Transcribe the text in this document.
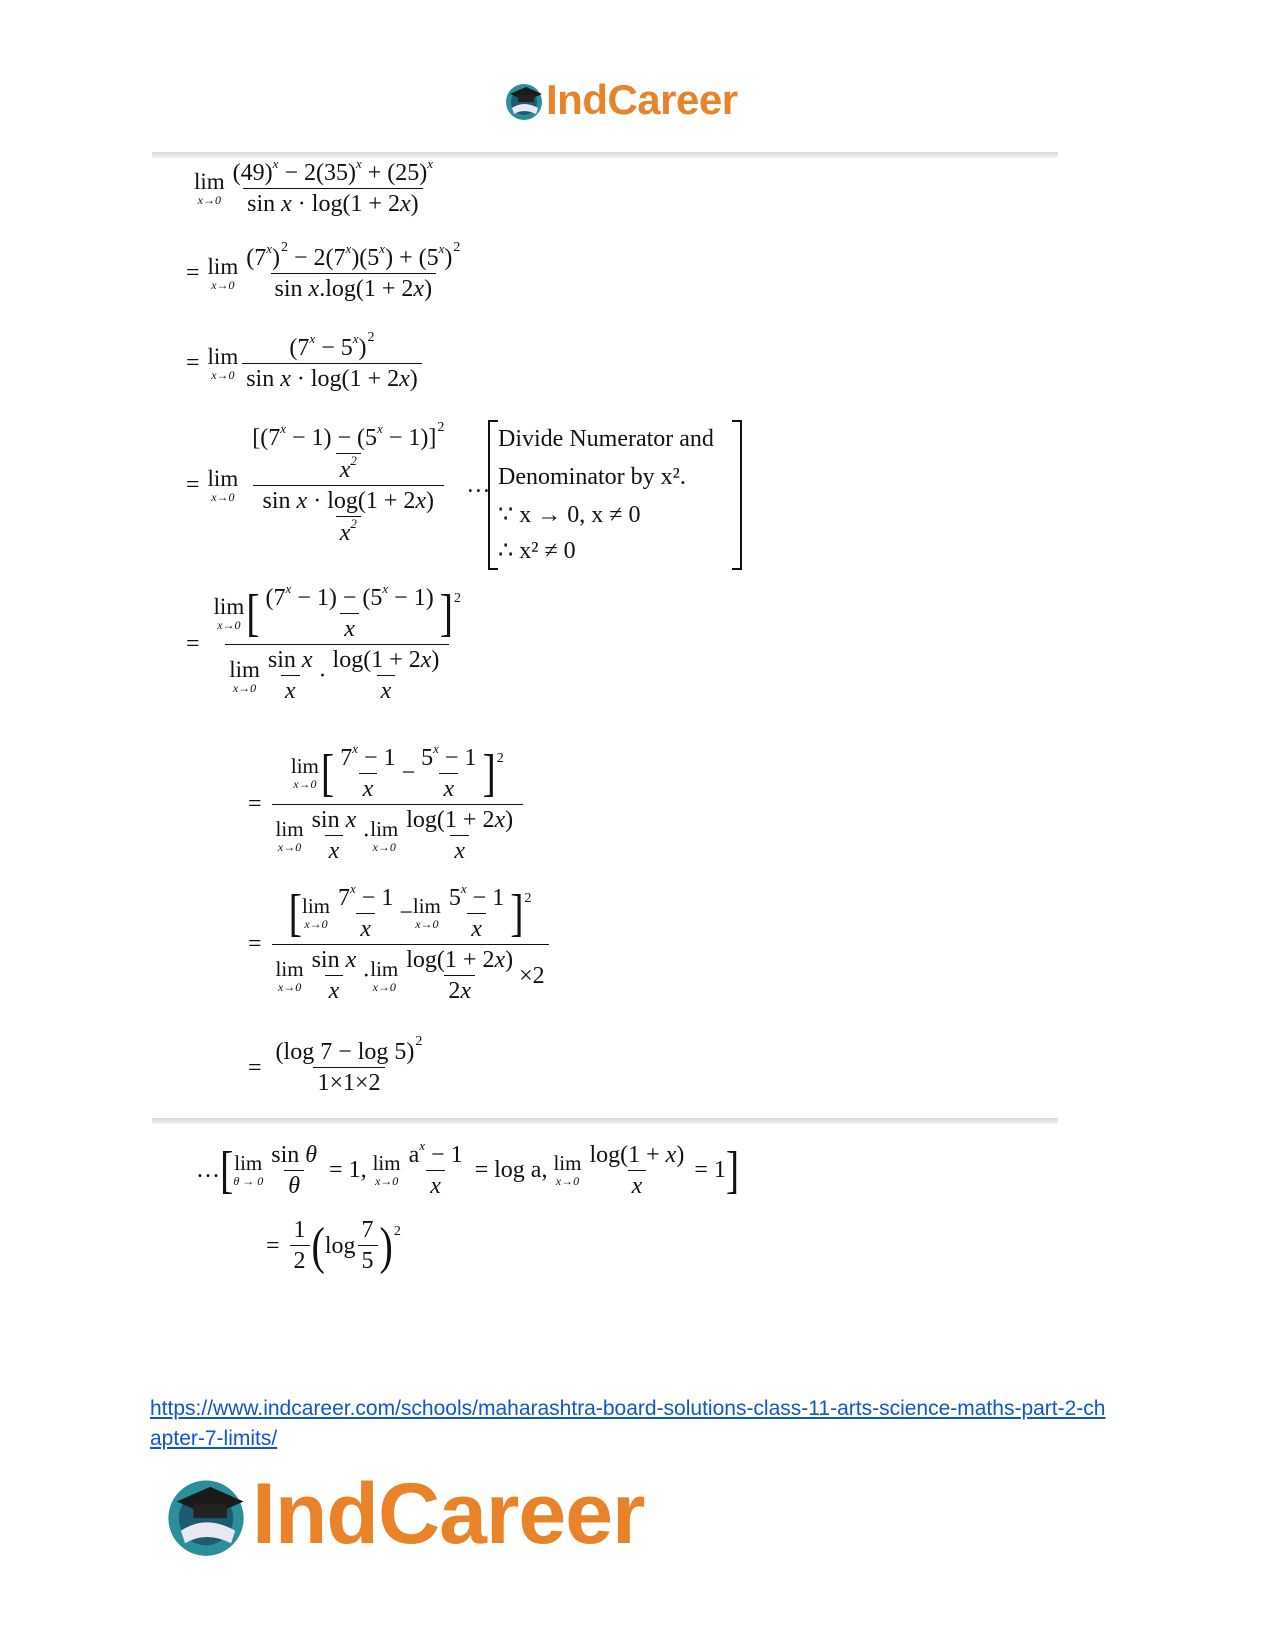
IndCareer
lim
$x\to 0 \frac{(49)^x - 2(35)^x + (25)^x}{\text{sin x · log(1 + 2x)}}$
= lim
$x\to 0 \frac{(7^x)^2 - 2(7^x)(5^x) + (5^x)^2}{\text{sin x.log(1 + 2x)}}$
= lim
$x\to 0 \frac{(7^x - 5^x)^2}{\text{sin x · log(1 + 2x)}}$
= lim
$x\to 0 \frac{\frac{[(7^x - 1) - (5^x - 1)]^2}{x^2}}{\frac{\text{sin x · log(1 + 2x)}}{x^2}}$ …
Divide Numerator and
Denominator by x².
∵ x → 0, x ≠ 0
∴ x² ≠ 0
= lim
x→0 [ $\frac{(7^x - 1) - (5^x - 1)}{x}$ ] 2
lim
$x\to 0 \frac{\text{sin x}}{x} \cdot \frac{\log(1 + 2x)}{x}$
= lim
x→0 [ $\frac{7^x - 1}{x} - \frac{5^x - 1}{x}$ ] 2
lim
$x\to 0 \frac{\text{sin x}}{x} \cdot \lim$
$x\to 0 \frac{\log(1 + 2x)}{x}$
=
[ lim
$x\to 0 \frac{7^x - 1}{x} - \lim$
$x\to 0 \frac{5^x - 1}{x}$ ] 2
lim
$x\to 0 \frac{\text{sin x}}{x} \cdot \lim$
$x\to 0 \frac{\log(1 + 2x)}{2x} \times 2$
= $\frac{(\log 7 - \log 5)^2}{1\times 1\times 2}$
… [ lim
$\theta \to 0 \frac{\text{sin θ}}{\theta} = 1$, lim
$x\to 0 \frac{a^x - 1}{x} = \log a$, lim
$x\to 0 \frac{\log(1 + x)}{x} = 1$ ]
= $\frac{1}{2}$ ( $\log \frac{7}{5}$ ) 2
https://www.indcareer.com/schools/maharashtra-board-solutions-class-11-arts-science-maths-part-2-chapter-7-limits/
IndCareer
